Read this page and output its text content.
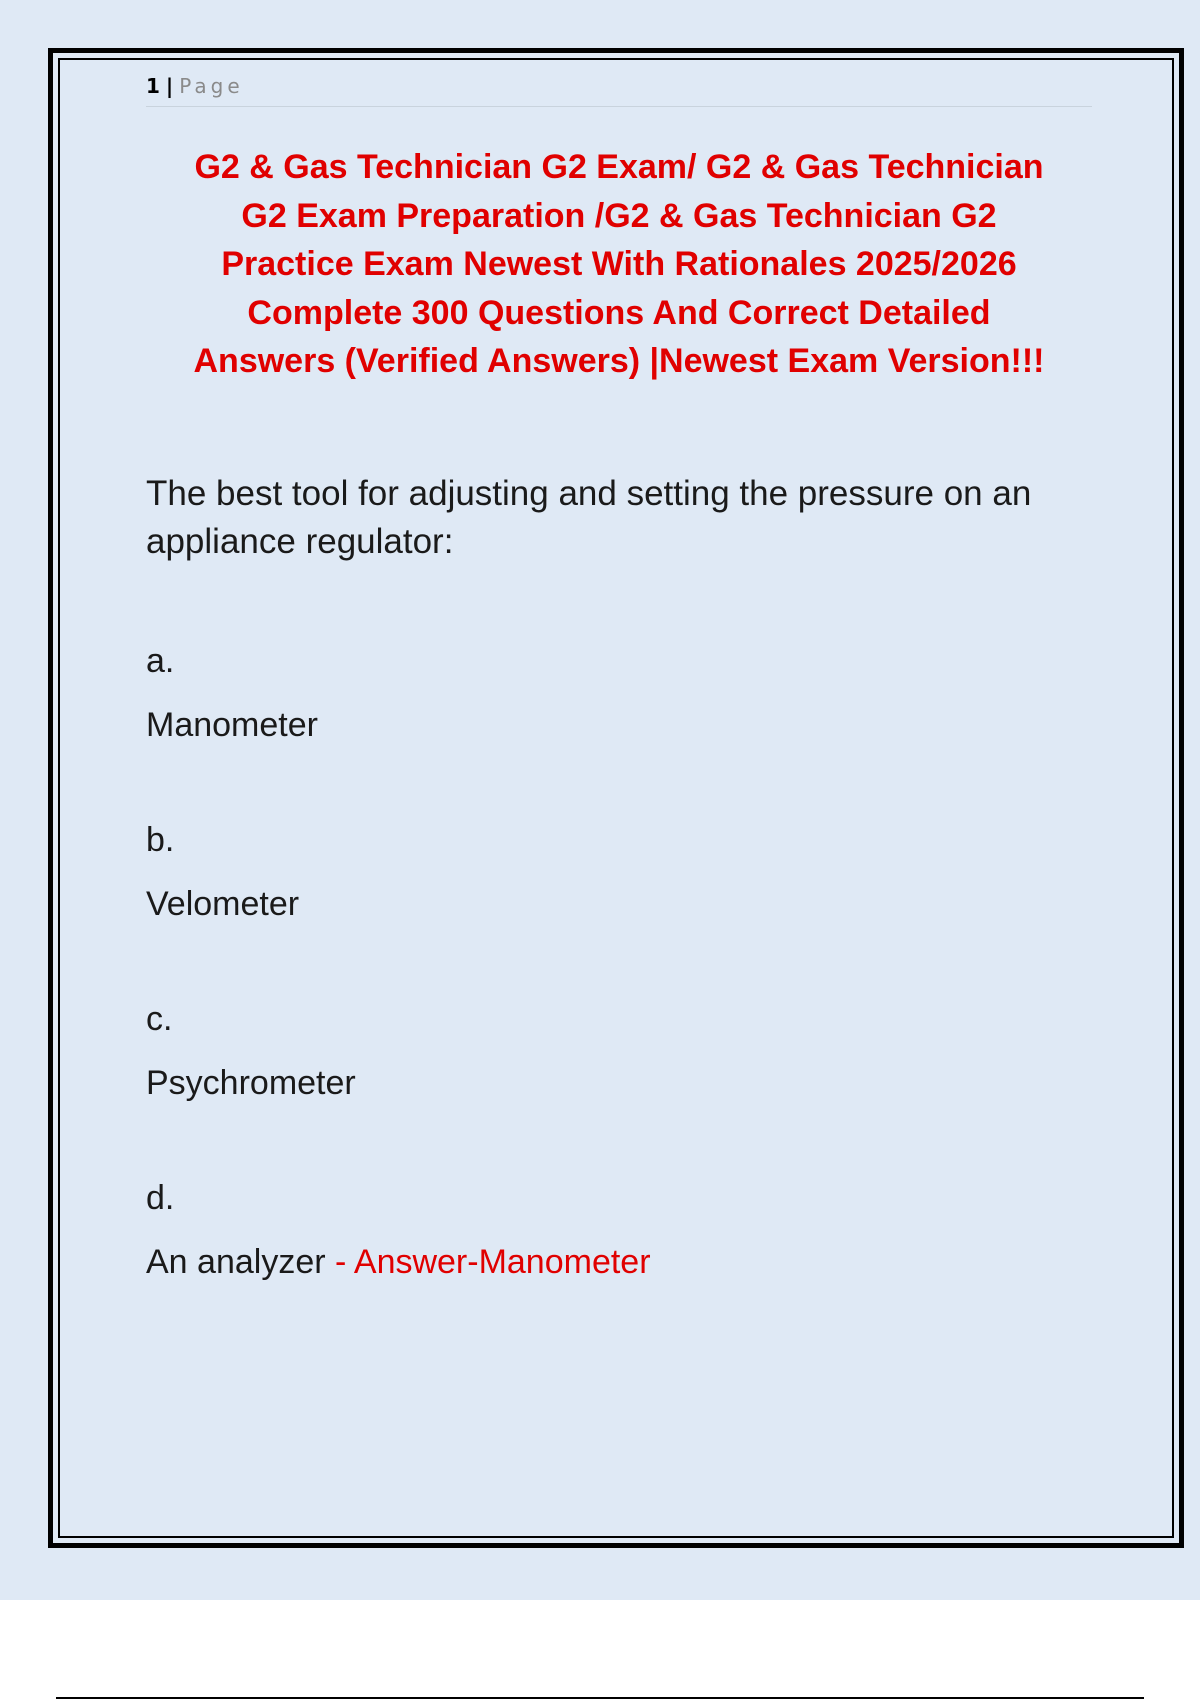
1 | Page
G2 & Gas Technician G2 Exam/ G2 & Gas Technician
G2 Exam Preparation /G2 & Gas Technician G2
Practice Exam Newest With Rationales 2025/2026
Complete 300 Questions And Correct Detailed
Answers (Verified Answers) |Newest Exam Version!!!
The best tool for adjusting and setting the pressure on an
appliance regulator:
a.
Manometer
b.
Velometer
c.
Psychrometer
d.
An analyzer - Answer-Manometer
